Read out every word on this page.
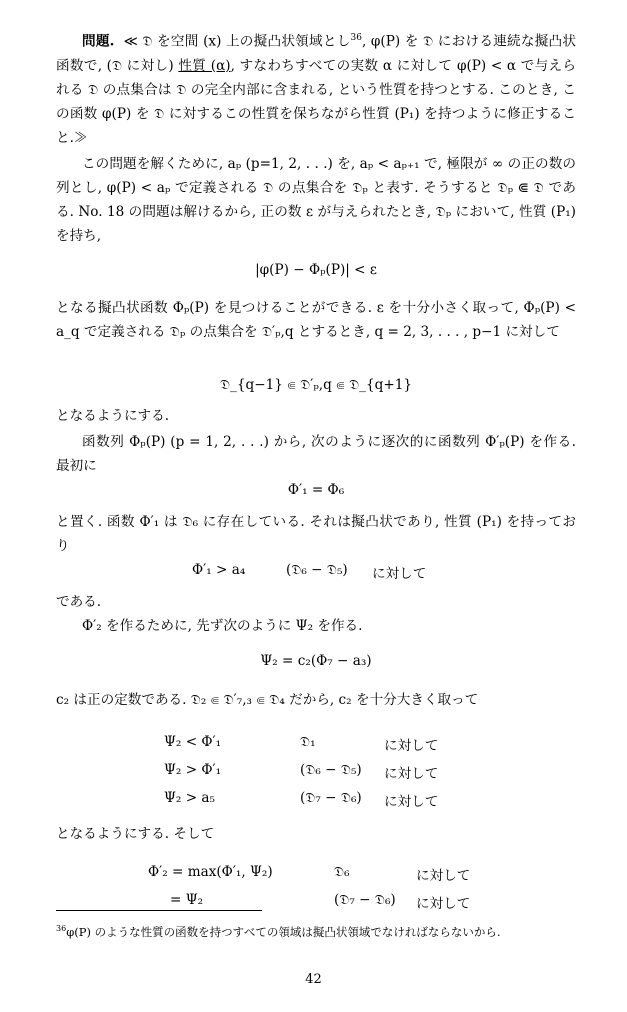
問題. ≪ 𝔇 を空間 (x) 上の擬凸状領域とし$^{36}$, φ(P) を 𝔇 における連続な擬凸状函数で, (𝔇 に対し) 性質 (α), すなわちすべての実数 α に対して φ(P) < α で与えられる 𝔇 の点集合は 𝔇 の完全内部に含まれる, という性質を持つとする. このとき, この函数 φ(P) を 𝔇 に対するこの性質を保ちながら性質 (P₁) を持つように修正すること.≫

この問題を解くために, aₚ (p=1, 2, . . .) を, aₚ < aₚ₊₁ で, 極限が ∞ の正の数の列とし, φ(P) < aₚ で定義される 𝔇 の点集合を 𝔇ₚ と表す. そうすると 𝔇ₚ ⋐ 𝔇 である. No. 18 の問題は解けるから, 正の数 ε が与えられたとき, 𝔇ₚ において, 性質 (P₁) を持ち,

|φ(P) − Φₚ(P)| < ε

となる擬凸状函数 Φₚ(P) を見つけることができる. ε を十分小さく取って, Φₚ(P) < a_q で定義される 𝔇ₚ の点集合を 𝔇′ₚ,q とするとき, q = 2, 3, . . . , p−1 に対して

𝔇_{q−1} ⋐ 𝔇′ₚ,q ⋐ 𝔇_{q+1}

となるようにする.

函数列 Φₚ(P) (p = 1, 2, . . .) から, 次のように逐次的に函数列 Φ′ₚ(P) を作る. 最初に

Φ′₁ = Φ₆

と置く. 函数 Φ′₁ は 𝔇₆ に存在している. それは擬凸状であり, 性質 (P₁) を持っており

Φ′₁ > a₄	(𝔇₆ − 𝔇₅) に対して

である.

Φ′₂ を作るために, 先ず次のように Ψ₂ を作る.

Ψ₂ = c₂(Φ₇ − a₃)

c₂ は正の定数である. 𝔇₂ ⋐ 𝔇′₇,₃ ⋐ 𝔇₄ だから, c₂ を十分大きく取って

Ψ₂ < Φ′₁	𝔇₁	に対して
Ψ₂ > Φ′₁	(𝔇₆ − 𝔇₅) に対して
Ψ₂ > a₅	(𝔇₇ − 𝔇₆) に対して

となるようにする. そして

Φ′₂ = max(Φ′₁, Ψ₂)	𝔇₆	に対して
= Ψ₂	(𝔇₇ − 𝔇₆) に対して
$^{36}$φ(P) のような性質の函数を持つすべての領域は擬凸状領域でなければならないから.
42
